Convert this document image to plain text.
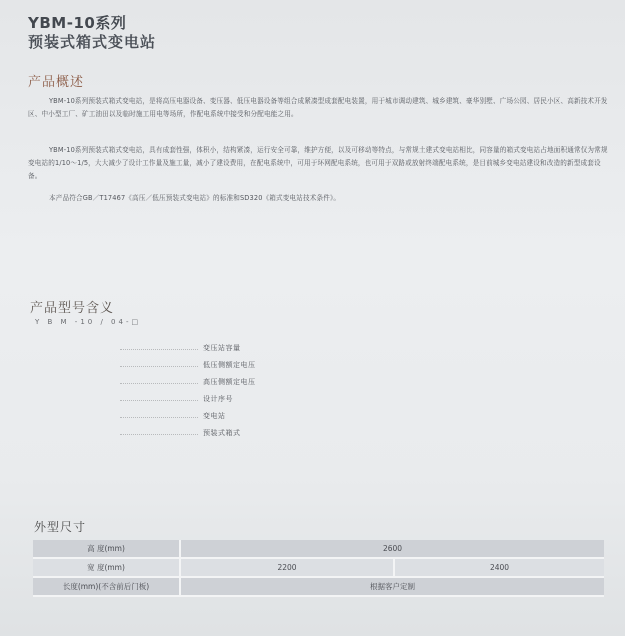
YBM-10系列
预装式箱式变电站
产品概述

YBM-10系列预装式箱式变电站，是将高压电器设备、变压器、低压电器设备等组合成紧凑型成套配电装置，用于城市调动建筑、城乡建筑、豪华别墅、广场公园、居民小区、高新技术开发区、中小型工厂、矿工油田以及临时施工用电等场所，作配电系统中接受和分配电能之用。

YBM-10系列预装式箱式变电站，具有成套性强，体积小，结构紧凑，运行安全可靠，维护方便，以及可移动等特点，与常规土建式变电站相比，同容量的箱式变电站占地面积通常仅为常规变电站的1/10～1/5，大大减少了设计工作量及施工量，减小了建设费用，在配电系统中，可用于环网配电系统，也可用于双路或放射终端配电系统，是目前城乡变电站建设和改造的新型成套设备。

本产品符合GB／T17467《高压／低压预装式变电站》的标准和SD320《箱式变电站技术条件》。

产品型号含义
Y B M -10 / 04-□
变压站容量
低压侧额定电压
高压侧额定电压
设计序号
变电站
预装式箱式
外型尺寸
高 度(mm)	2600	
宽 度(mm)	2200	2400
长度(mm)(不含前后门板)	根据客户定制	
